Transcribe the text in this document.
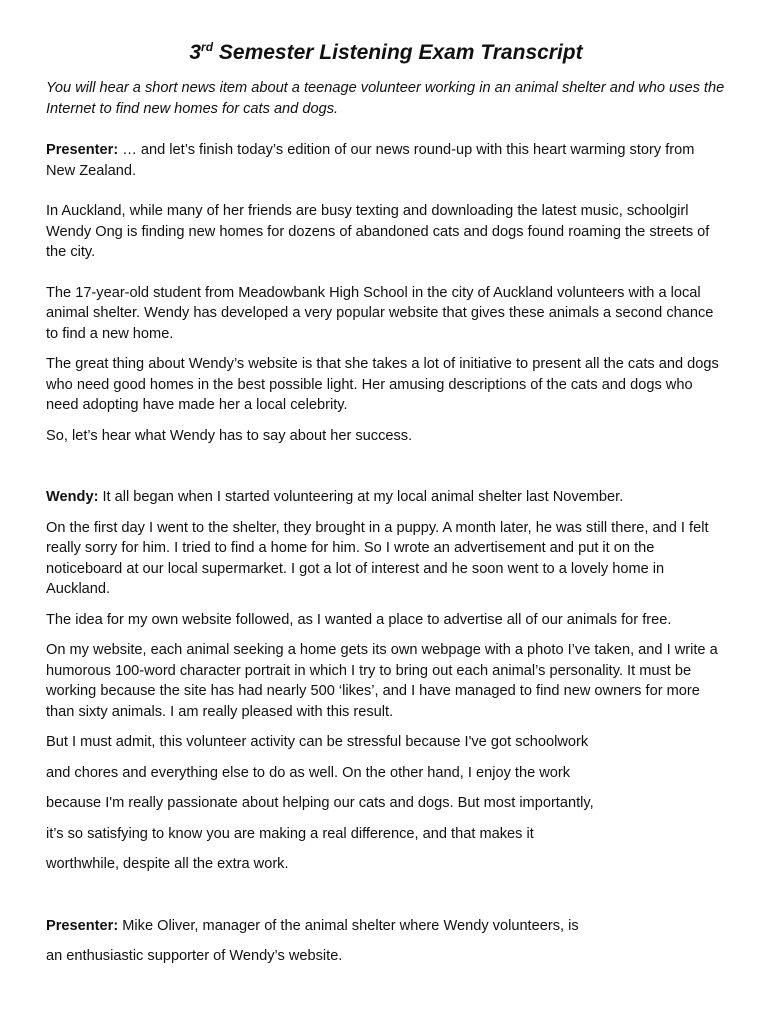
3rd Semester Listening Exam Transcript

You will hear a short news item about a teenage volunteer working in an animal shelter and who uses the Internet to find new homes for cats and dogs.

Presenter: … and let’s finish today’s edition of our news round-up with this heart warming story from New Zealand.

In Auckland, while many of her friends are busy texting and downloading the latest music, schoolgirl Wendy Ong is finding new homes for dozens of abandoned cats and dogs found roaming the streets of the city.

The 17-year-old student from Meadowbank High School in the city of Auckland volunteers with a local animal shelter. Wendy has developed a very popular website that gives these animals a second chance to find a new home.

The great thing about Wendy’s website is that she takes a lot of initiative to present all the cats and dogs who need good homes in the best possible light. Her amusing descriptions of the cats and dogs who need adopting have made her a local celebrity.

So, let’s hear what Wendy has to say about her success.

Wendy: It all began when I started volunteering at my local animal shelter last November.

On the first day I went to the shelter, they brought in a puppy. A month later, he was still there, and I felt really sorry for him. I tried to find a home for him. So I wrote an advertisement and put it on the noticeboard at our local supermarket. I got a lot of interest and he soon went to a lovely home in Auckland.

The idea for my own website followed, as I wanted a place to advertise all of our animals for free.

On my website, each animal seeking a home gets its own webpage with a photo I’ve taken, and I write a humorous 100-word character portrait in which I try to bring out each animal’s personality. It must be working because the site has had nearly 500 ‘likes’, and I have managed to find new owners for more than sixty animals. I am really pleased with this result.

But I must admit, this volunteer activity can be stressful because I've got schoolwork

and chores and everything else to do as well. On the other hand, I enjoy the work

because I'm really passionate about helping our cats and dogs. But most importantly,

it’s so satisfying to know you are making a real difference, and that makes it

worthwhile, despite all the extra work.

Presenter: Mike Oliver, manager of the animal shelter where Wendy volunteers, is

an enthusiastic supporter of Wendy’s website.
